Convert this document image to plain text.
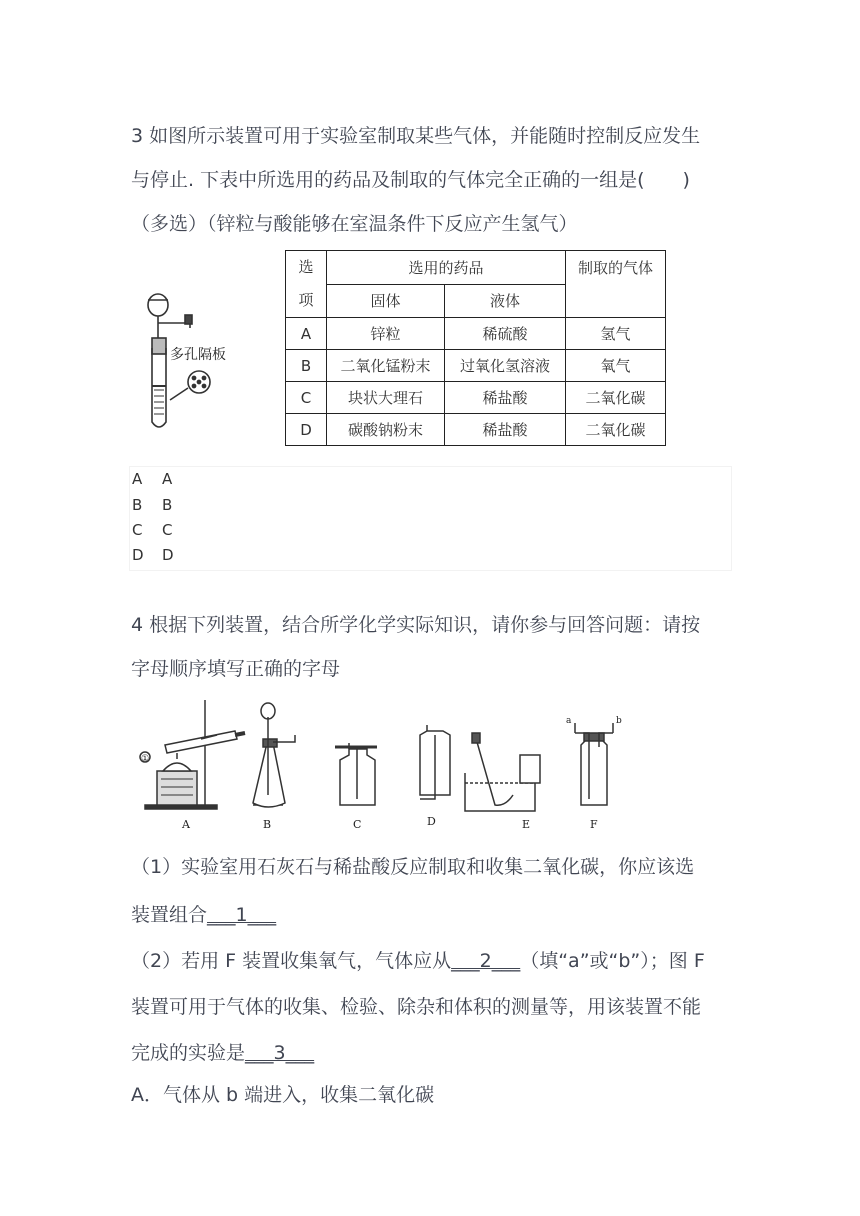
3 如图所示装置可用于实验室制取某些气体，并能随时控制反应发生
与停止. 下表中所选用的药品及制取的气体完全正确的一组是(　　)
（多选）（锌粒与酸能够在室温条件下反应产生氢气）
多孔隔板
选
项	选用的药品		制取的气体
	固体	液体	
A	锌粒	稀硫酸	氢气
B	二氧化锰粉末	过氧化氢溶液	氧气
C	块状大理石	稀盐酸	二氧化碳
D	碳酸钠粉末	稀盐酸	二氧化碳
A A
B B
C C
D D
4 根据下列装置，结合所学化学实际知识，请你参与回答问题：请按
字母顺序填写正确的字母
①
A	B	C	D	E	F
a	b
（1）实验室用石灰石与稀盐酸反应制取和收集二氧化碳，你应该选
装置组合___1___
（2）若用 F 装置收集氧气，气体应从___2___（填“a”或“b”）；图 F
装置可用于气体的收集、检验、除杂和体积的测量等，用该装置不能
完成的实验是___3___
A．气体从 b 端进入，收集二氧化碳
